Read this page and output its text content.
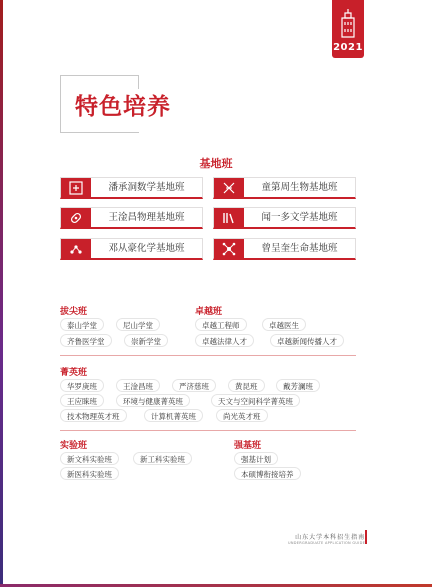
2021
特色培养
基地班
潘承洞数学基地班	童第周生物基地班
王淦昌物理基地班	闻一多文学基地班
邓从豪化学基地班	曾呈奎生命基地班
拔尖班
泰山学堂	尼山学堂
齐鲁医学堂	崇新学堂
卓越班
卓越工程师	卓越医生
卓越法律人才	卓越新闻传播人才
菁英班
华罗庚班	王淦昌班	严济慈班	黄昆班	戴芳澜班
王应睐班	环境与健康菁英班	天文与空间科学菁英班
技术物理英才班	计算机菁英班	尚光英才班
实验班
新文科实验班	新工科实验班
新医科实验班
强基班
强基计划
本硕博衔接培养
山东大学本科招生指南
UNDERGRADUATE APPLICATION GUIDE
